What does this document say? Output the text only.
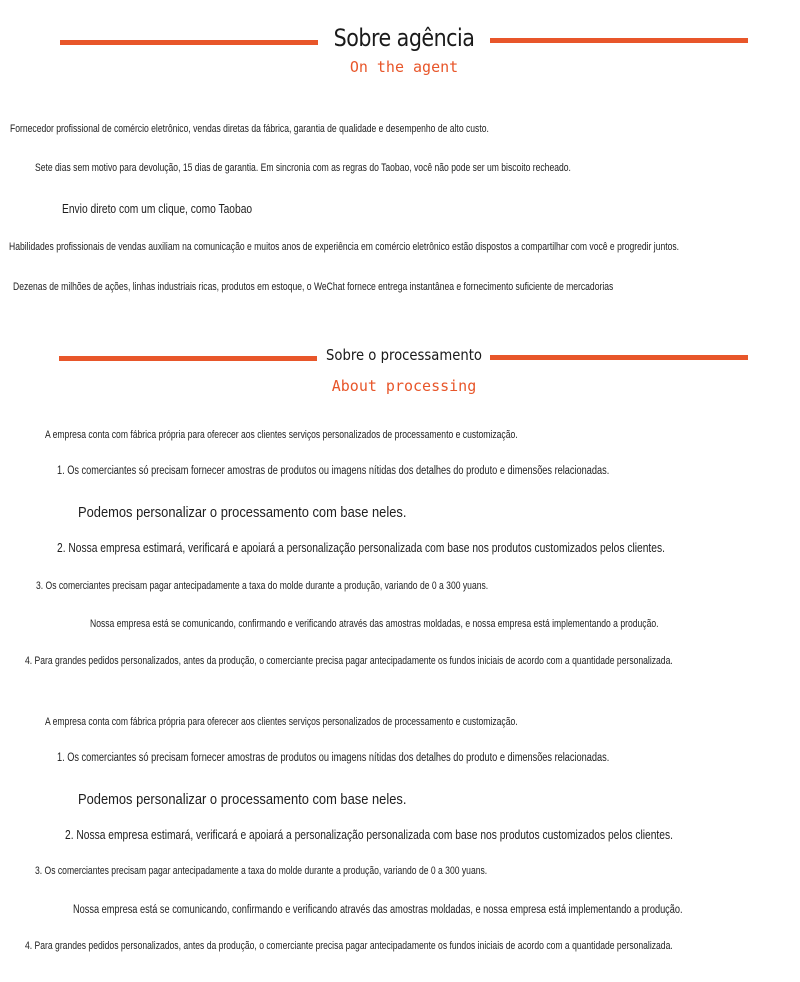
Sobre agência
On the agent
Fornecedor profissional de comércio eletrônico, vendas diretas da fábrica, garantia de qualidade e desempenho de alto custo.
Sete dias sem motivo para devolução, 15 dias de garantia. Em sincronia com as regras do Taobao, você não pode ser um biscoito recheado.
Envio direto com um clique, como Taobao
Habilidades profissionais de vendas auxiliam na comunicação e muitos anos de experiência em comércio eletrônico estão dispostos a compartilhar com você e progredir juntos.
Dezenas de milhões de ações, linhas industriais ricas, produtos em estoque, o WeChat fornece entrega instantânea e fornecimento suficiente de mercadorias
Sobre o processamento
About processing
A empresa conta com fábrica própria para oferecer aos clientes serviços personalizados de processamento e customização.
1. Os comerciantes só precisam fornecer amostras de produtos ou imagens nítidas dos detalhes do produto e dimensões relacionadas.
Podemos personalizar o processamento com base neles.
2. Nossa empresa estimará, verificará e apoiará a personalização personalizada com base nos produtos customizados pelos clientes.
3. Os comerciantes precisam pagar antecipadamente a taxa do molde durante a produção, variando de 0 a 300 yuans.
Nossa empresa está se comunicando, confirmando e verificando através das amostras moldadas, e nossa empresa está implementando a produção.
4. Para grandes pedidos personalizados, antes da produção, o comerciante precisa pagar antecipadamente os fundos iniciais de acordo com a quantidade personalizada.
A empresa conta com fábrica própria para oferecer aos clientes serviços personalizados de processamento e customização.
1. Os comerciantes só precisam fornecer amostras de produtos ou imagens nítidas dos detalhes do produto e dimensões relacionadas.
Podemos personalizar o processamento com base neles.
2. Nossa empresa estimará, verificará e apoiará a personalização personalizada com base nos produtos customizados pelos clientes.
3. Os comerciantes precisam pagar antecipadamente a taxa do molde durante a produção, variando de 0 a 300 yuans.
Nossa empresa está se comunicando, confirmando e verificando através das amostras moldadas, e nossa empresa está implementando a produção.
4. Para grandes pedidos personalizados, antes da produção, o comerciante precisa pagar antecipadamente os fundos iniciais de acordo com a quantidade personalizada.
